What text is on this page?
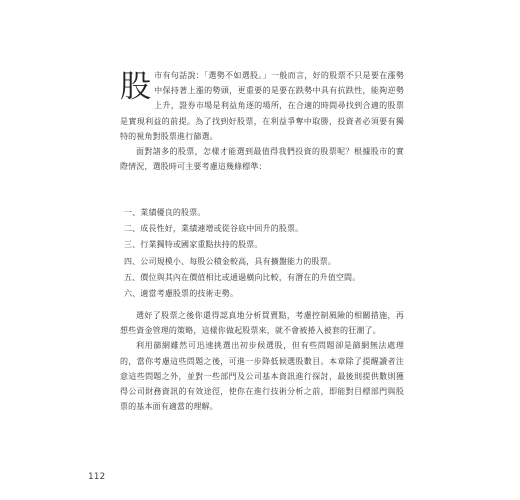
股市有句話說：「選勢不如選股。」一般而言，好的股票不只是要在漲勢中保持著上漲的勢頭，更重要的是要在跌勢中具有抗跌性，能夠逆勢上升，證券市場是利益角逐的場所，在合適的時間尋找到合適的股票是實現利益的前提。為了找到好股票，在利益爭奪中取勝，投資者必須要有獨特的視角對股票進行篩選。

面對諸多的股票，怎樣才能選到最值得我們投資的股票呢？根據股市的實際情況，選股時可主要考慮這幾條標準：

一、業績優良的股票。
二、成長性好，業績連增或從谷底中回升的股票。
三、行業獨特或國家重點扶持的股票。
四、公司規模小、每股公積金較高，具有擴盤能力的股票。
五、價位與其內在價值相比或通過橫向比較，有潛在的升值空間。
六、適當考慮股票的技術走勢。

選好了股票之後你還得認真地分析買賣點，考慮控制風險的相關措施，再想些資金管理的策略，這樣你做起股票來，就不會被捲入被套的狂潮了。

利用篩網雖然可迅速挑選出初步候選股，但有些問題卻是篩網無法處理的，當你考慮這些問題之後，可進一步降低候選股數目。本章除了提醒讀者注意這些問題之外，並對一些部門及公司基本資訊進行探討，最後則提供數則獲得公司財務資訊的有效途徑，使你在進行技術分析之前，即能對目標部門與股票的基本面有適當的理解。

112
